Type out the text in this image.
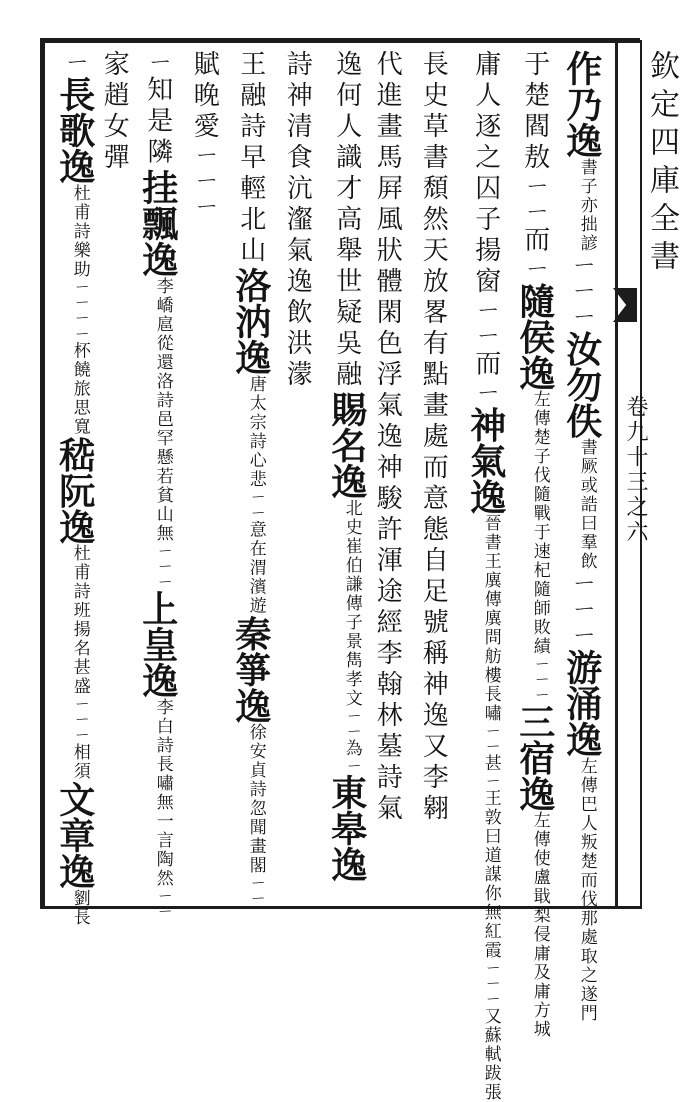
欽定四庫全書
卷九十三之六
作乃逸書子亦拙諺ㄧㄧㄧ汝勿佚書厥或誥曰羣飲ㄧㄧㄧ游涌逸左傳巴人叛楚而伐那處取之遂門
于楚閻敖ㄧㄧ而ㄧ隨侯逸左傳楚子伐隨戰于速杞隨師敗績ㄧㄧㄧ三宿逸左傳使盧戢梨侵庸及庸方城
庸人逐之囚子揚窗ㄧㄧ而ㄧ神氣逸晉書王廙傳廙問舫樓長嘯ㄧㄧ甚ㄧ王敦曰道謀你無紅霞ㄧㄧㄧ又蘇軾跋張
長史草書頹然天放畧有點畫處而意態自足號稱神逸又李翱
代進畫馬屛風狀體閑色浮氣逸神駿許渾途經李翰林墓詩氣
逸何人識才高舉世疑吳融賜名逸北史崔伯謙傳子景雋孝文ㄧㄧ為ㄧ東皋逸
詩神清食沆瀣氣逸飲洪濛
王融詩早輕北山洛汭逸唐太宗詩心悲ㄧㄧ意在渭濱遊秦箏逸徐安貞詩忽聞畫閣ㄧㄧ
賦晚愛ㄧㄧㄧ
ㄧ知是隣挂飄逸李嶠扈從還洛詩邑罕懸若貧山無ㄧㄧㄧ上皇逸李白詩長嘯無一言陶然ㄧㄧ
家趙女彈
ㄧ長歌逸杜甫詩樂助ㄧㄧㄧㄧ杯饒旅思寬嵇阮逸杜甫詩班揚名甚盛ㄧㄧㄧ相須文章逸劉長
